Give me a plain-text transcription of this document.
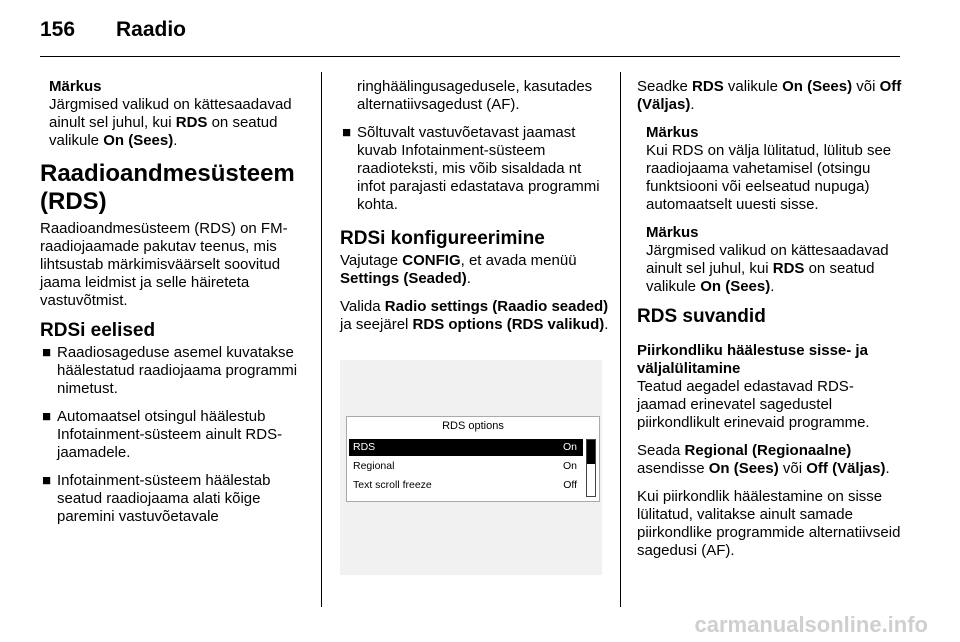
156 Raadio

Märkus
Järgmised valikud on kättesaadavad ainult sel juhul, kui RDS on seatud valikule On (Sees).

Raadioandmesüsteem (RDS)

Raadioandmesüsteem (RDS) on FM-raadiojaamade pakutav teenus, mis lihtsustab märkimisväärselt soovitud jaama leidmist ja selle häireteta vastuvõtmist.

RDSi eelised
■ Raadiosageduse asemel kuvatakse häälestatud raadiojaama programmi nimetust.
■ Automaatsel otsingul häälestub Infotainment-süsteem ainult RDS-jaamadele.
■ Infotainment-süsteem häälestab seatud raadiojaama alati kõige paremini vastuvõetavale

ringhäälingusagedusele, kasutades alternatiivsagedust (AF).

■ Sõltuvalt vastuvõetavast jaamast kuvab Infotainment-süsteem raadioteksti, mis võib sisaldada nt infot parajasti edastatava programmi kohta.
RDSi konfigureerimine

Vajutage CONFIG, et avada menüü Settings (Seaded).

Valida Radio settings (Raadio seaded) ja seejärel RDS options (RDS valikud).

RDS options
RDS	On
Regional	On
Text scroll freeze	Off

Seadke RDS valikule On (Sees) või Off (Väljas).

Märkus
Kui RDS on välja lülitatud, lülitub see raadiojaama vahetamisel (otsingu funktsiooni või eelseatud nupuga) automaatselt uuesti sisse.

Märkus
Järgmised valikud on kättesaadavad ainult sel juhul, kui RDS on seatud valikule On (Sees).

RDS suvandid
Piirkondliku häälestuse sisse- ja väljalülitamine

Teatud aegadel edastavad RDS-jaamad erinevatel sagedustel piirkondlikult erinevaid programme.

Seada Regional (Regionaalne) asendisse On (Sees) või Off (Väljas).

Kui piirkondlik häälestamine on sisse lülitatud, valitakse ainult samade piirkondlike programmide alternatiivseid sagedusi (AF).

carmanualsonline.info
